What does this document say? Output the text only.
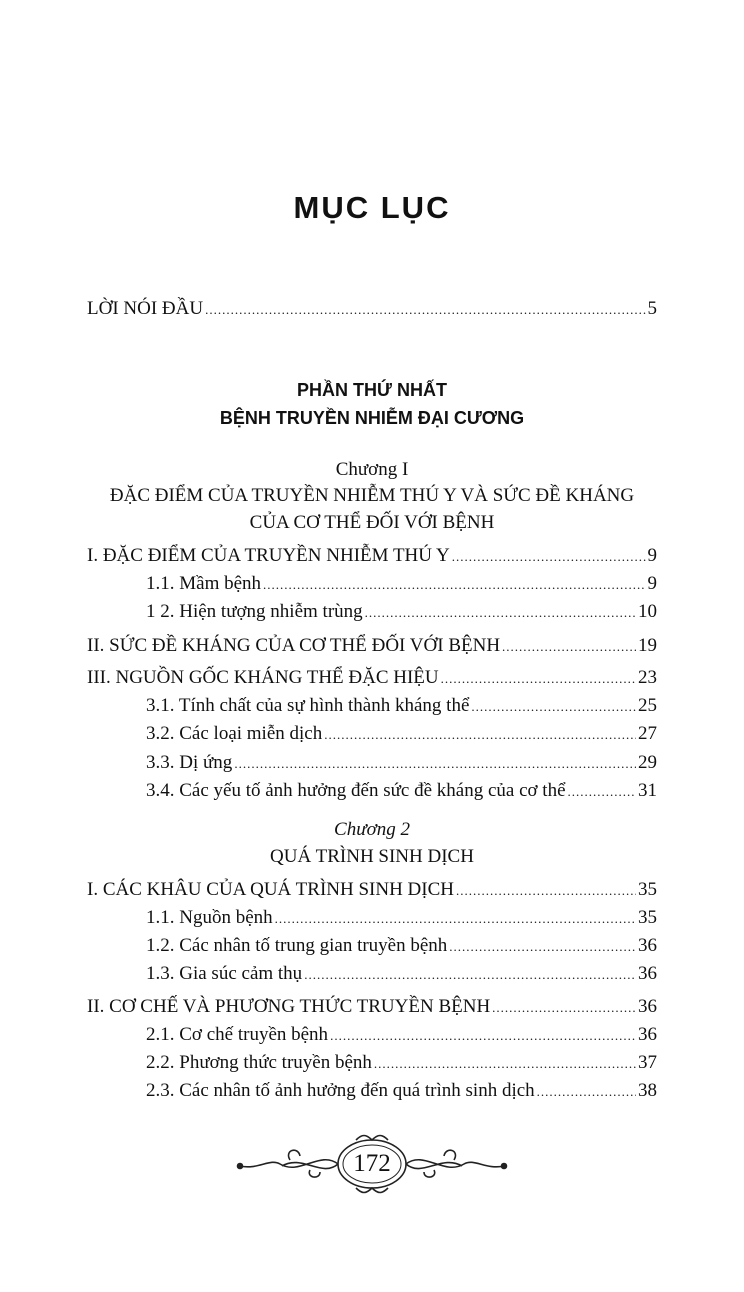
MỤC LỤC
LỜI NÓI ĐẦU .....	5
PHẦN THỨ NHẤT
BỆNH TRUYỀN NHIỄM ĐẠI CƯƠNG
Chương I
ĐẶC ĐIỂM CỦA TRUYỀN NHIỄM THÚ Y VÀ SỨC ĐỀ KHÁNG
CỦA CƠ THỂ ĐỐI VỚI BỆNH
I. ĐẶC ĐIỂM CỦA TRUYỀN NHIỄM THÚ Y .....	9
1.1. Mầm bệnh .....	9
1 2. Hiện tượng nhiễm trùng .....	10
II. SỨC ĐỀ KHÁNG CỦA CƠ THỂ ĐỐI VỚI BỆNH .....	19
III. NGUỒN GỐC KHÁNG THỂ ĐẶC HIỆU .....	23
3.1. Tính chất của sự hình thành kháng thể .....	25
3.2. Các loại miễn dịch .....	27
3.3. Dị ứng .....	29
3.4. Các yếu tố ảnh hưởng đến sức đề kháng của cơ thể .....	31
Chương 2
QUÁ TRÌNH SINH DỊCH
I. CÁC KHÂU CỦA QUÁ TRÌNH SINH DỊCH .....	35
1.1. Nguồn bệnh .....	35
1.2. Các nhân tố trung gian truyền bệnh .....	36
1.3. Gia súc cảm thụ .....	36
II. CƠ CHẾ VÀ PHƯƠNG THỨC TRUYỀN BỆNH .....	36
2.1. Cơ chế truyền bệnh .....	36
2.2. Phương thức truyền bệnh .....	37
2.3. Các nhân tố ảnh hưởng đến quá trình sinh dịch .....	38
172
